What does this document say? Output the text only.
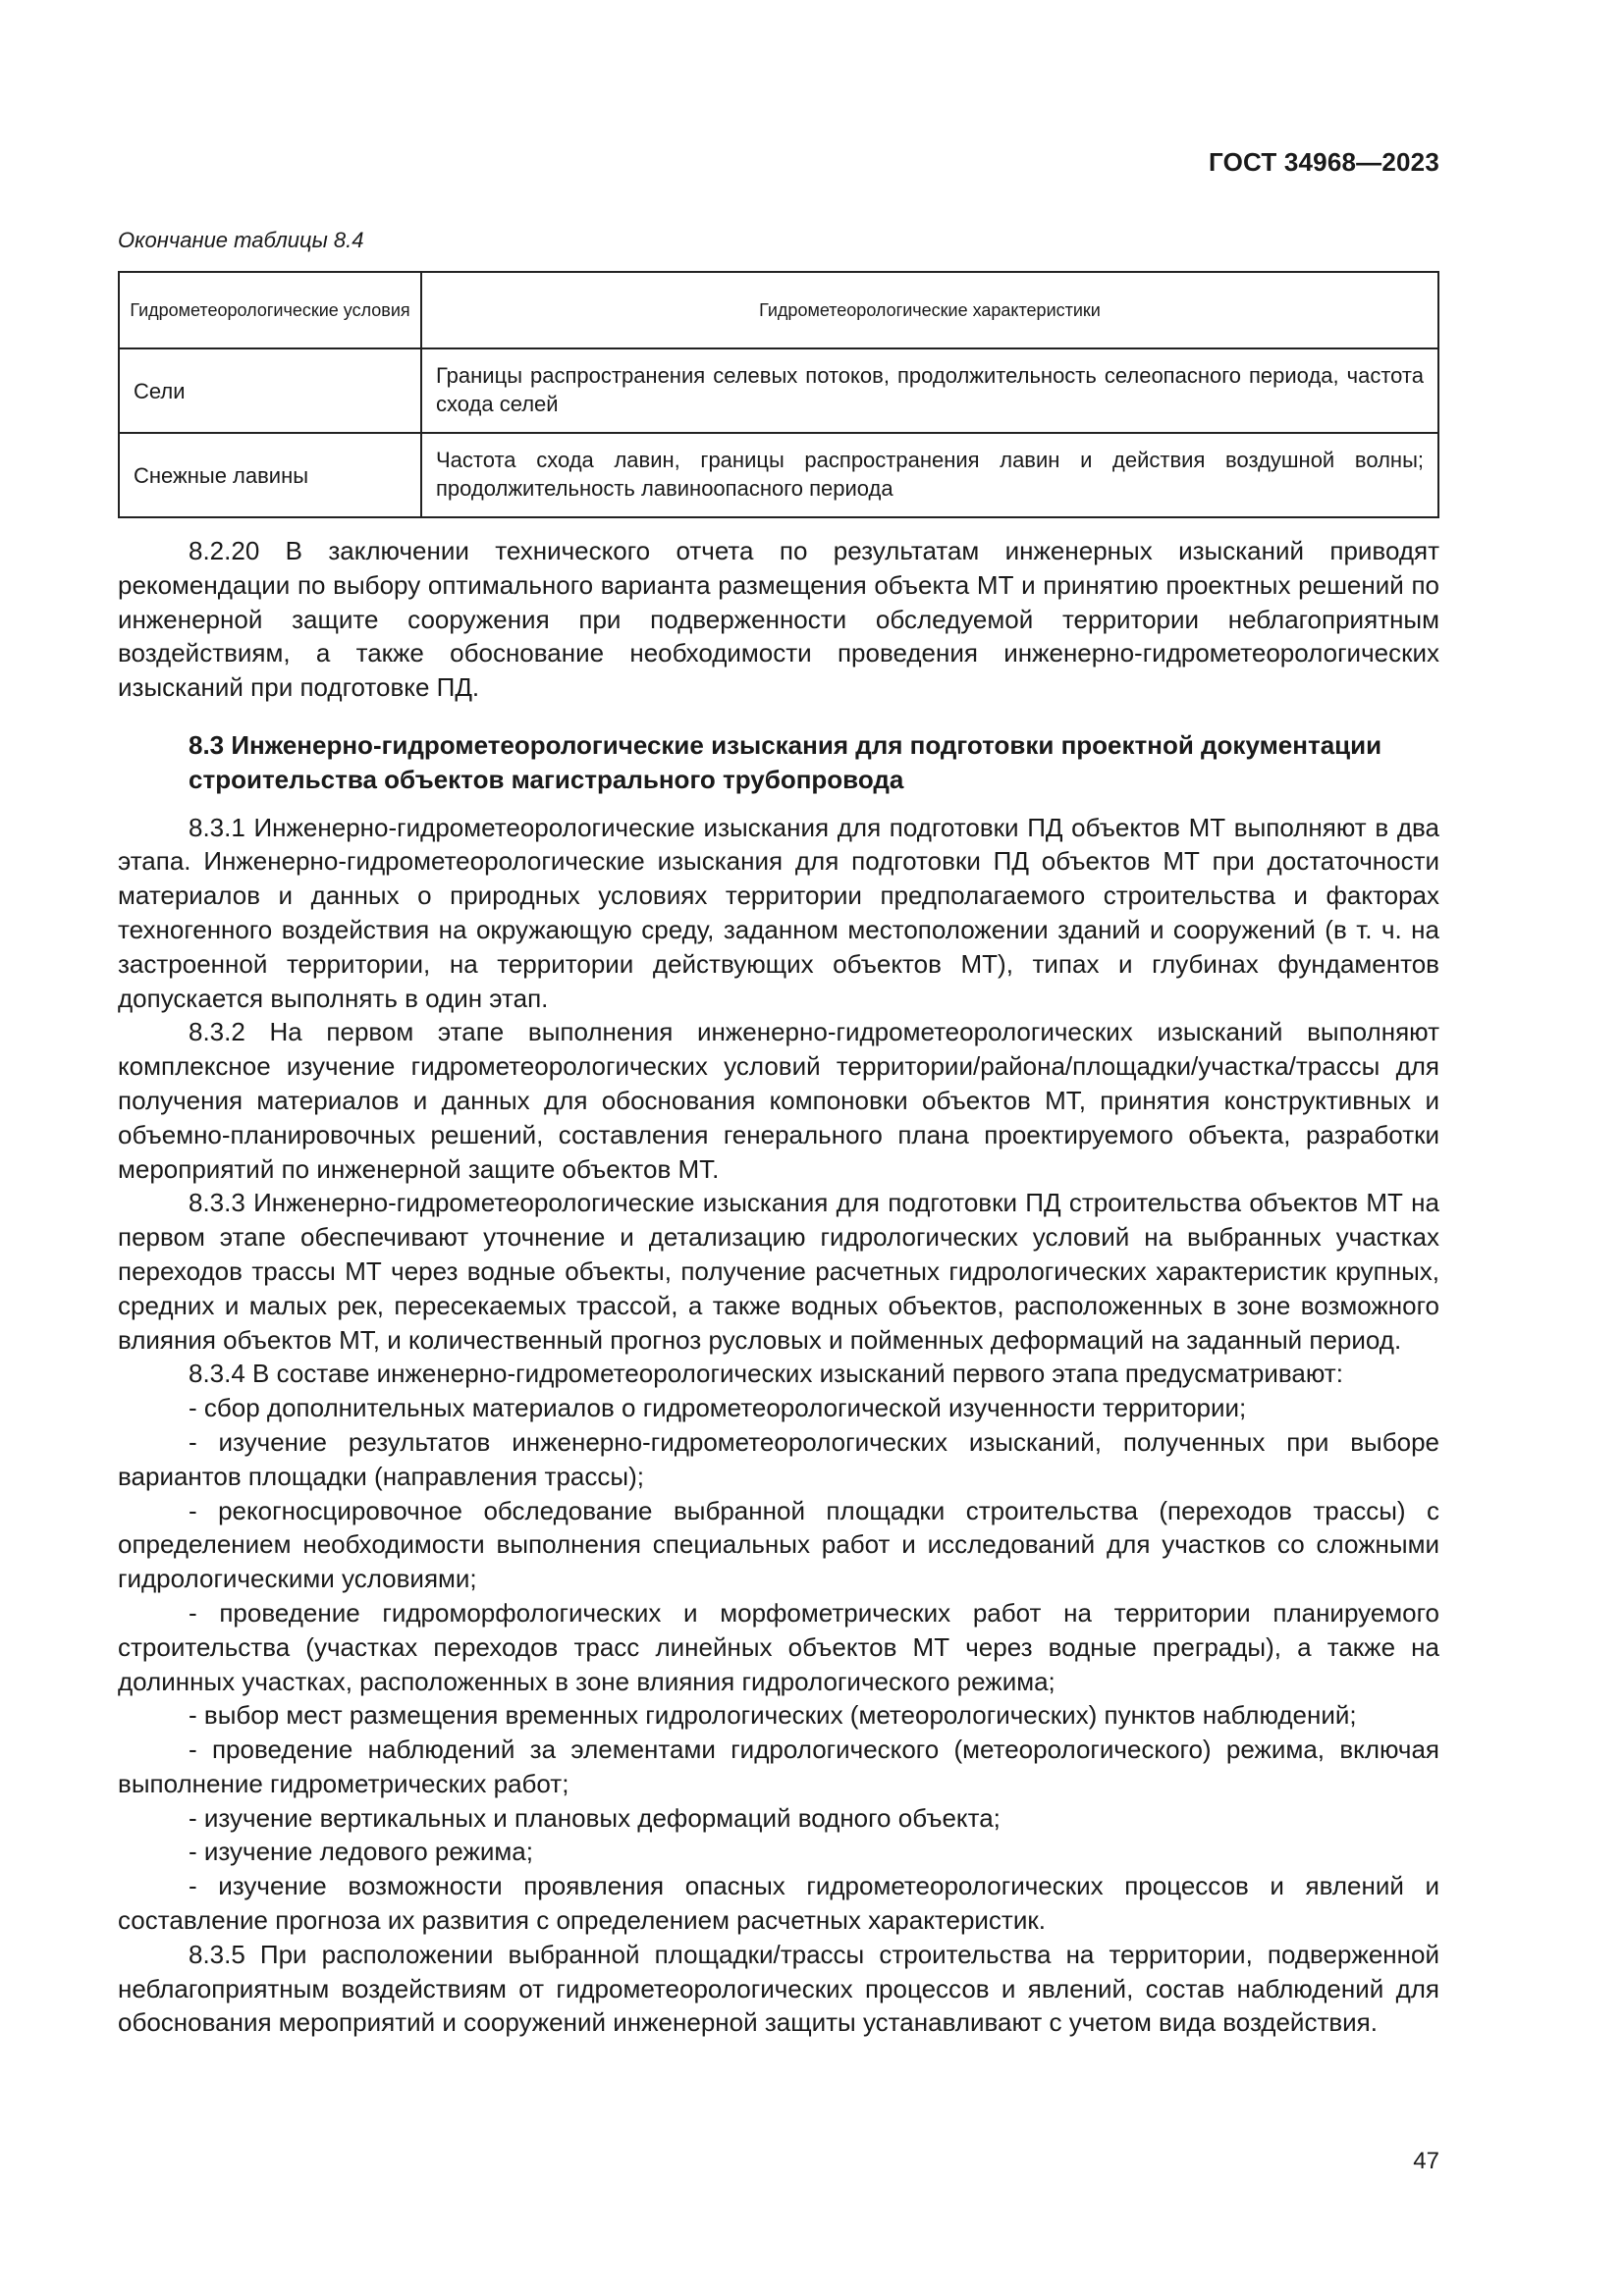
ГОСТ 34968—2023
Окончание таблицы 8.4
Гидрометеорологические условия	Гидрометеорологические характеристики
Сели	Границы распространения селевых потоков, продолжительность селеопасного периода, частота схода селей
Снежные лавины	Частота схода лавин, границы распространения лавин и действия воздушной волны; продолжительность лавиноопасного периода

8.2.20 В заключении технического отчета по результатам инженерных изысканий приводят рекомендации по выбору оптимального варианта размещения объекта МТ и принятию проектных решений по инженерной защите сооружения при подверженности обследуемой территории неблагоприятным воздействиям, а также обоснование необходимости проведения инженерно-гидрометеорологических изысканий при подготовке ПД.

8.3 Инженерно-гидрометеорологические изыскания для подготовки проектной документации строительства объектов магистрального трубопровода

8.3.1 Инженерно-гидрометеорологические изыскания для подготовки ПД объектов МТ выполняют в два этапа. Инженерно-гидрометеорологические изыскания для подготовки ПД объектов МТ при достаточности материалов и данных о природных условиях территории предполагаемого строительства и факторах техногенного воздействия на окружающую среду, заданном местоположении зданий и сооружений (в т. ч. на застроенной территории, на территории действующих объектов МТ), типах и глубинах фундаментов допускается выполнять в один этап.

8.3.2 На первом этапе выполнения инженерно-гидрометеорологических изысканий выполняют комплексное изучение гидрометеорологических условий территории/района/площадки/участка/трассы для получения материалов и данных для обоснования компоновки объектов МТ, принятия конструктивных и объемно-планировочных решений, составления генерального плана проектируемого объекта, разработки мероприятий по инженерной защите объектов МТ.

8.3.3 Инженерно-гидрометеорологические изыскания для подготовки ПД строительства объектов МТ на первом этапе обеспечивают уточнение и детализацию гидрологических условий на выбранных участках переходов трассы МТ через водные объекты, получение расчетных гидрологических характеристик крупных, средних и малых рек, пересекаемых трассой, а также водных объектов, расположенных в зоне возможного влияния объектов МТ, и количественный прогноз русловых и пойменных деформаций на заданный период.

8.3.4 В составе инженерно-гидрометеорологических изысканий первого этапа предусматривают:

- сбор дополнительных материалов о гидрометеорологической изученности территории;

- изучение результатов инженерно-гидрометеорологических изысканий, полученных при выборе вариантов площадки (направления трассы);

- рекогносцировочное обследование выбранной площадки строительства (переходов трассы) с определением необходимости выполнения специальных работ и исследований для участков со сложными гидрологическими условиями;

- проведение гидроморфологических и морфометрических работ на территории планируемого строительства (участках переходов трасс линейных объектов МТ через водные преграды), а также на долинных участках, расположенных в зоне влияния гидрологического режима;

- выбор мест размещения временных гидрологических (метеорологических) пунктов наблюдений;

- проведение наблюдений за элементами гидрологического (метеорологического) режима, включая выполнение гидрометрических работ;

- изучение вертикальных и плановых деформаций водного объекта;

- изучение ледового режима;

- изучение возможности проявления опасных гидрометеорологических процессов и явлений и составление прогноза их развития с определением расчетных характеристик.

8.3.5 При расположении выбранной площадки/трассы строительства на территории, подверженной неблагоприятным воздействиям от гидрометеорологических процессов и явлений, состав наблюдений для обоснования мероприятий и сооружений инженерной защиты устанавливают с учетом вида воздействия.

47
